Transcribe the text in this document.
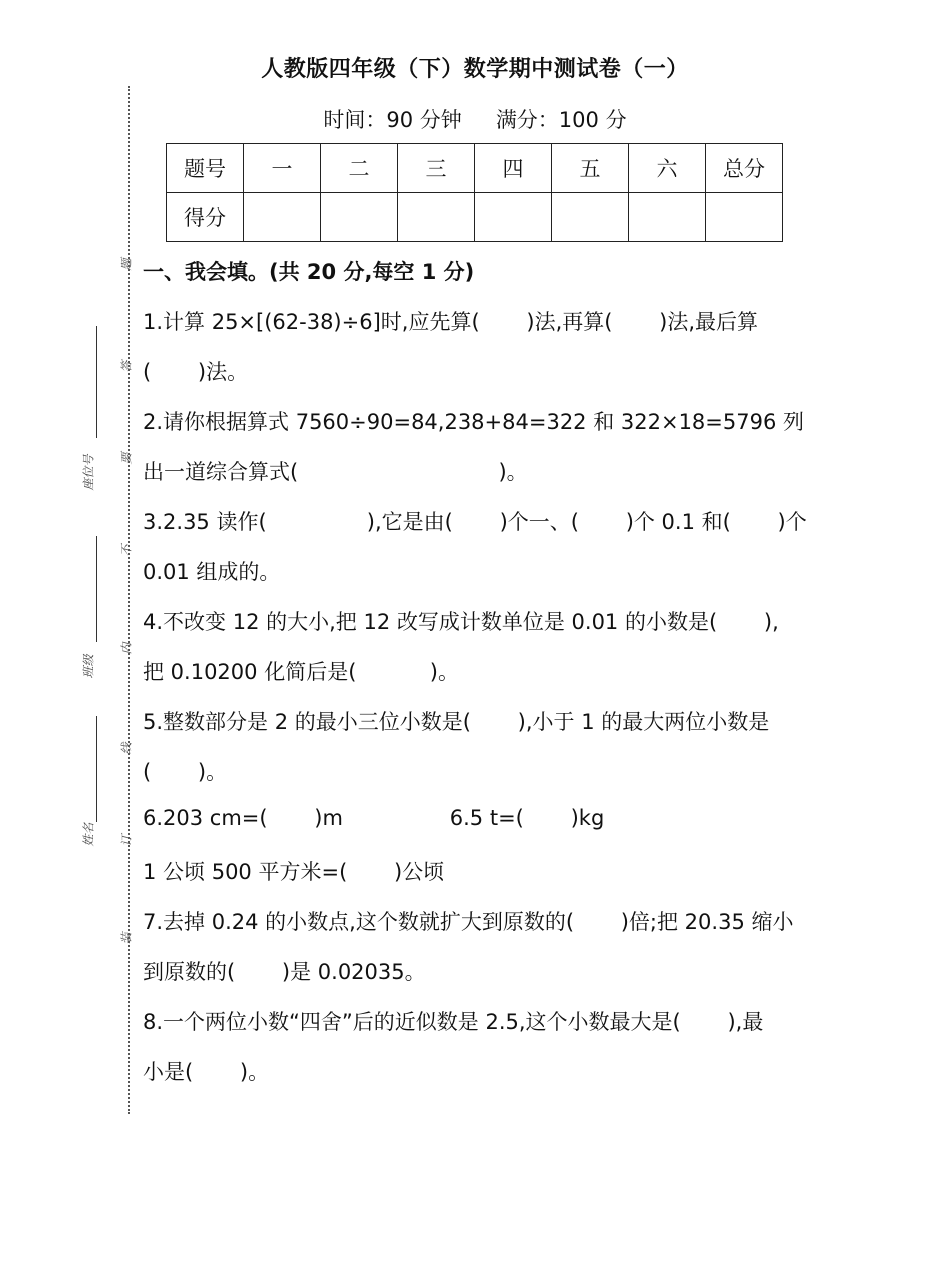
题
答
要
不
内
线
订
装
座位号
班级
姓名
人教版四年级（下）数学期中测试卷（一）
时间：90 分钟 满分：100 分
题号	一	二	三	四	五	六	总分
得分							
一、我会填。(共 20 分,每空 1 分)
1.计算 25×[(62-38)÷6]时,应先算(       )法,再算(       )法,最后算
(       )法。
2.请你根据算式 7560÷90=84,238+84=322 和 322×18=5796 列
出一道综合算式(                              )。
3.2.35 读作(               ),它是由(       )个一、(       )个 0.1 和(       )个
0.01 组成的。
4.不改变 12 的大小,把 12 改写成计数单位是 0.01 的小数是(       ),
把 0.10200 化简后是(           )。
5.整数部分是 2 的最小三位小数是(       ),小于 1 的最大两位小数是
(       )。
6.203 cm=(       )m                6.5 t=(       )kg
1 公顷 500 平方米=(       )公顷
7.去掉 0.24 的小数点,这个数就扩大到原数的(       )倍;把 20.35 缩小
到原数的(       )是 0.02035。
8.一个两位小数“四舍”后的近似数是 2.5,这个小数最大是(       ),最
小是(       )。
